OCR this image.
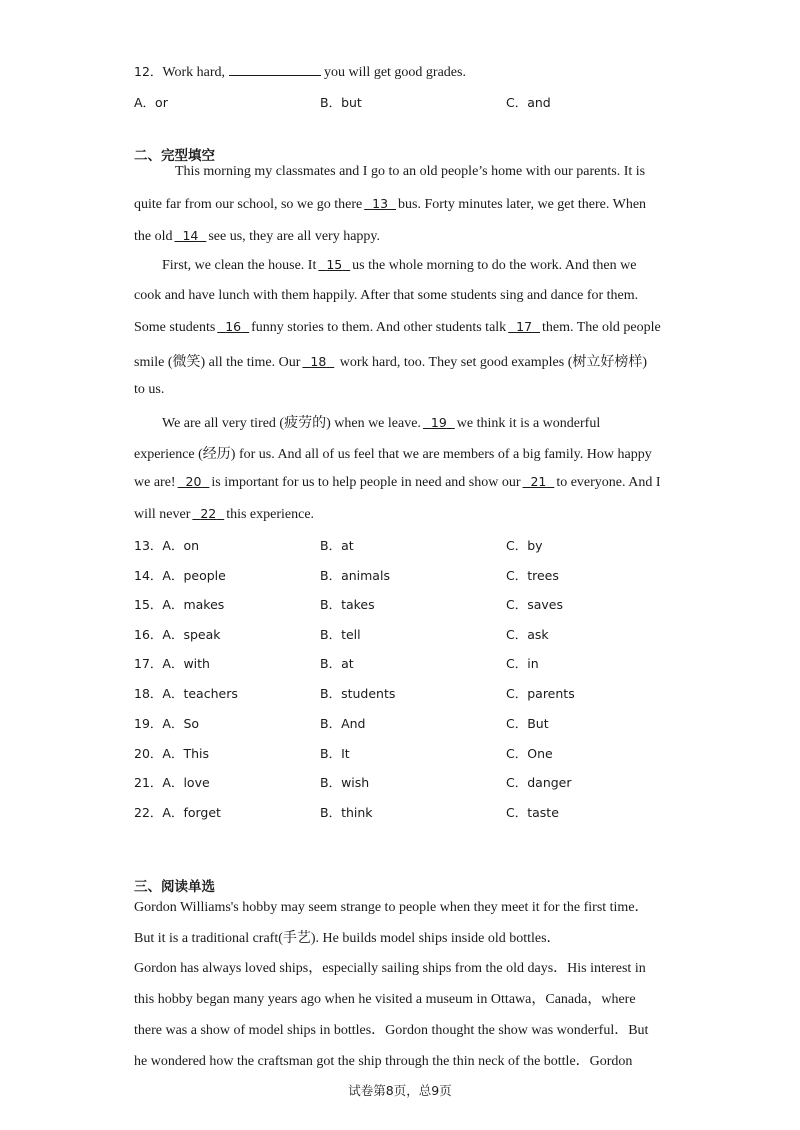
12．Work hard,	you will get good grades.
A．or	B．but	C．and
二、完型填空
This morning my classmates and I go to an old people’s home with our parents. It is
quite far from our school, so we go there 13 bus. Forty minutes later, we get there. When
the old 14 see us, they are all very happy.
First, we clean the house. It 15 us the whole morning to do the work. And then we
cook and have lunch with them happily. After that some students sing and dance for them.
Some students 16 funny stories to them. And other students talk 17 them. The old people
smile (微笑) all the time. Our 18 work hard, too. They set good examples (树立好榜样)
to us.
We are all very tired (疲劳的) when we leave. 19 we think it is a wonderful
experience (经历) for us. And all of us feel that we are members of a big family. How happy
we are! 20 is important for us to help people in need and show our 21 to everyone. And I
will never 22 this experience.
13．A．on	B．at	C．by
14．A．people	B．animals	C．trees
15．A．makes	B．takes	C．saves
16．A．speak	B．tell	C．ask
17．A．with	B．at	C．in
18．A．teachers	B．students	C．parents
19．A．So	B．And	C．But
20．A．This	B．It	C．One
21．A．love	B．wish	C．danger
22．A．forget	B．think	C．taste
三、阅读单选
Gordon Williams's hobby may seem strange to people when they meet it for the first time．
But it is a traditional craft(手艺). He builds model ships inside old bottles．
Gordon has always loved ships，especially sailing ships from the old days．His interest in
this hobby began many years ago when he visited a museum in Ottawa，Canada，where
there was a show of model ships in bottles．Gordon thought the show was wonderful．But
he wondered how the craftsman got the ship through the thin neck of the bottle．Gordon
试卷第8页，总9页
